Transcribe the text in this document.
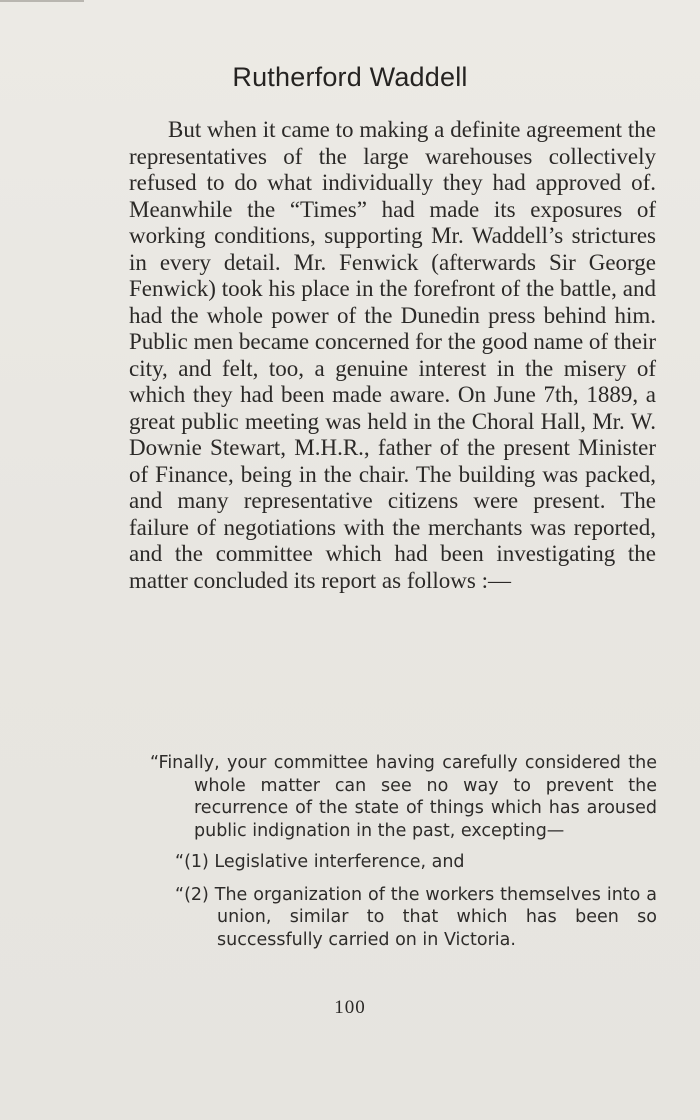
Rutherford Waddell

But when it came to making a definite agreement the representatives of the large warehouses collectively refused to do what individually they had approved of. Meanwhile the “Times” had made its exposures of working conditions, supporting Mr. Waddell’s strictures in every detail. Mr. Fenwick (afterwards Sir George Fenwick) took his place in the forefront of the battle, and had the whole power of the Dunedin press behind him. Public men became concerned for the good name of their city, and felt, too, a genuine interest in the misery of which they had been made aware. On June 7th, 1889, a great public meeting was held in the Choral Hall, Mr. W. Downie Stewart, M.H.R., father of the present Minister of Finance, being in the chair. The building was packed, and many representative citizens were present. The failure of negotiations with the merchants was reported, and the committee which had been investigating the matter concluded its report as follows :—

“Finally, your committee having carefully considered the whole matter can see no way to prevent the recurrence of the state of things which has aroused public indignation in the past, excepting—

“(1) Legislative interference, and

“(2) The organization of the workers themselves into a union, similar to that which has been so successfully carried on in Victoria.

100
